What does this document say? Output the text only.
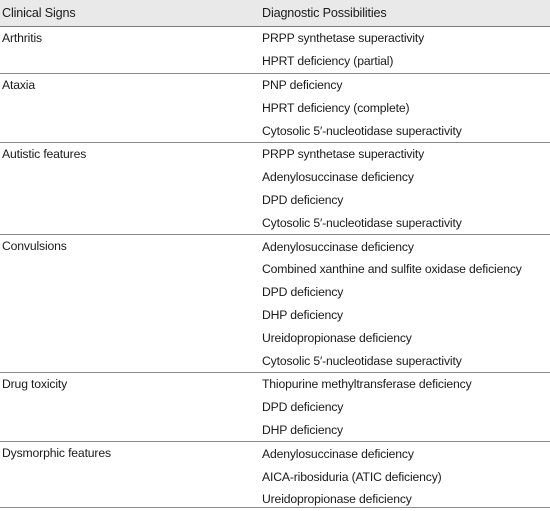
Clinical Signs	Diagnostic Possibilities
Arthritis	PRPP synthetase superactivity
	HPRT deficiency (partial)
Ataxia	PNP deficiency
	HPRT deficiency (complete)
	Cytosolic 5′-nucleotidase superactivity
Autistic features	PRPP synthetase superactivity
	Adenylosuccinase deficiency
	DPD deficiency
	Cytosolic 5′-nucleotidase superactivity
Convulsions	Adenylosuccinase deficiency
	Combined xanthine and sulfite oxidase deficiency
	DPD deficiency
	DHP deficiency
	Ureidopropionase deficiency
	Cytosolic 5′-nucleotidase superactivity
Drug toxicity	Thiopurine methyltransferase deficiency
	DPD deficiency
	DHP deficiency
Dysmorphic features	Adenylosuccinase deficiency
	AICA-ribosiduria (ATIC deficiency)
	Ureidopropionase deficiency
